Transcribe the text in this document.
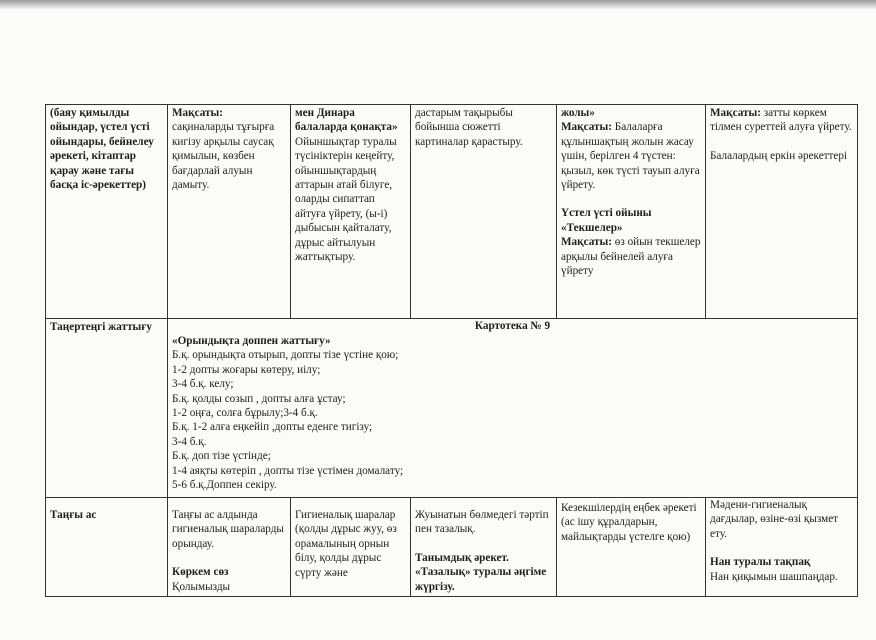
(баяу қимылды ойындар, үстел үсті ойындары, бейнелеу әрекеті, кітаптар қарау және тағы басқа іс-әрекеттер)
Мақсаты:

сақиналарды тұғырға кигізу арқылы саусақ қимылын, көзбен бағдарлай алуын дамыту.

мен Динара балаларда қонақта»

Ойыншықтар туралы түсініктерін кеңейту, ойыншықтардың аттарын атай білуге, оларды сипаттап айтуға үйрету, (ы-і) дыбысын қайталату, дұрыс айтылуын жаттықтыру.

дастарым тақырыбы бойынша сюжетті картиналар қарастыру.

жолы»

Мақсаты: Балаларға құлыншақтың жолын жасау үшін, берілген 4 түстен: қызыл, көк түсті тауып алуға үйрету.

Үстел үсті ойыны «Текшелер»

Мақсаты: өз ойын текшелер арқылы бейнелей алуға үйрету

Мақсаты: затты көркем тілмен суреттей алуға үйрету.

Балалардың еркін әрекеттері

Таңертеңгі жаттығу	Картотека № 9
«Орындықта доппен жаттығу»

Б.қ. орындықта отырып, допты тізе үстіне қою;

1-2 допты жоғары көтеру, иілу;

3-4 б.қ. келу;

Б.қ. қолды созып , допты алға ұстау;

1-2 оңға, солға бұрылу;3-4 б.қ.

Б.қ. 1-2 алға еңкейіп ,допты еденге тигізу;

3-4 б.қ.

Б.қ. доп тізе үстінде;

1-4 аяқты көтеріп , допты тізе үстімен домалату;

5-6 б.қ.Доппен секіру.

Таңғы ас	Таңғы ас алдында гигиеналық шараларды орындау.

Көркем сөз

Қолымызды

Гигиеналық шаралар (қолды дұрыс жуу, өз орамалының орнын білу, қолды дұрыс сүрту және

Жуынатын бөлмедегі тәртіп пен тазалық.

Танымдық әрекет. «Тазалық» туралы әңгіме жүргізу.

Кезекшілердің еңбек әрекеті (ас ішу құралдарын, майлықтарды үстелге қою)

Мәдени-гигиеналық дағдылар, өзіне-өзі қызмет ету.

Нан туралы тақпақ

Нан қиқымын шашпаңдар.
